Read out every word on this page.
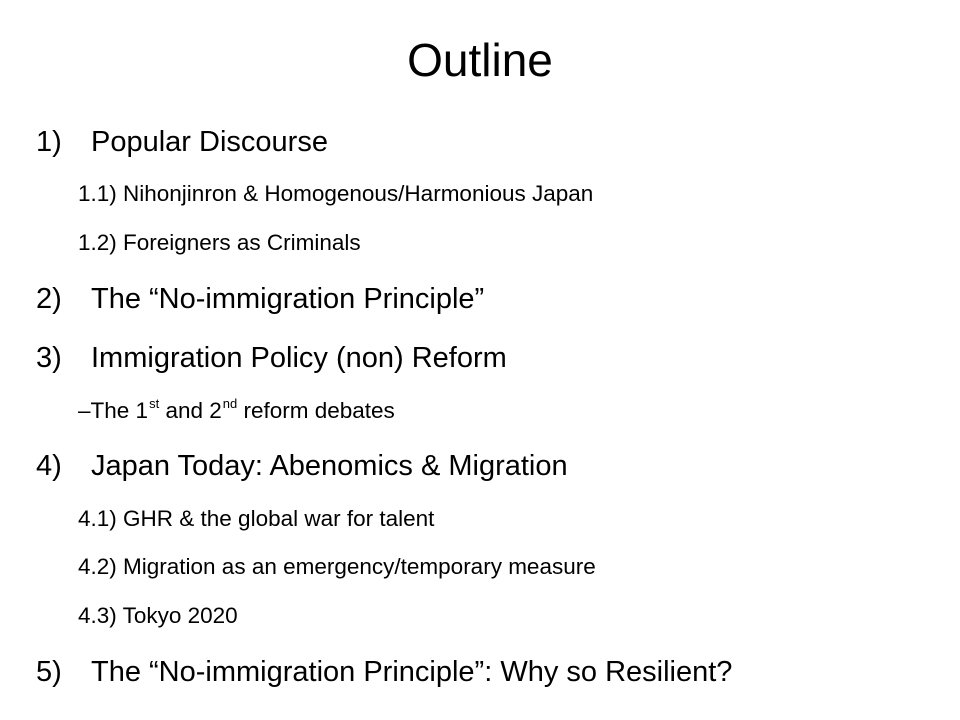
Outline
1) Popular Discourse
1.1) Nihonjinron & Homogenous/Harmonious Japan
1.2) Foreigners as Criminals
2) The “No-immigration Principle”
3) Immigration Policy (non) Reform
–The 1st and 2nd reform debates
4) Japan Today: Abenomics & Migration
4.1) GHR & the global war for talent
4.2) Migration as an emergency/temporary measure
4.3) Tokyo 2020
5) The “No-immigration Principle”: Why so Resilient?
